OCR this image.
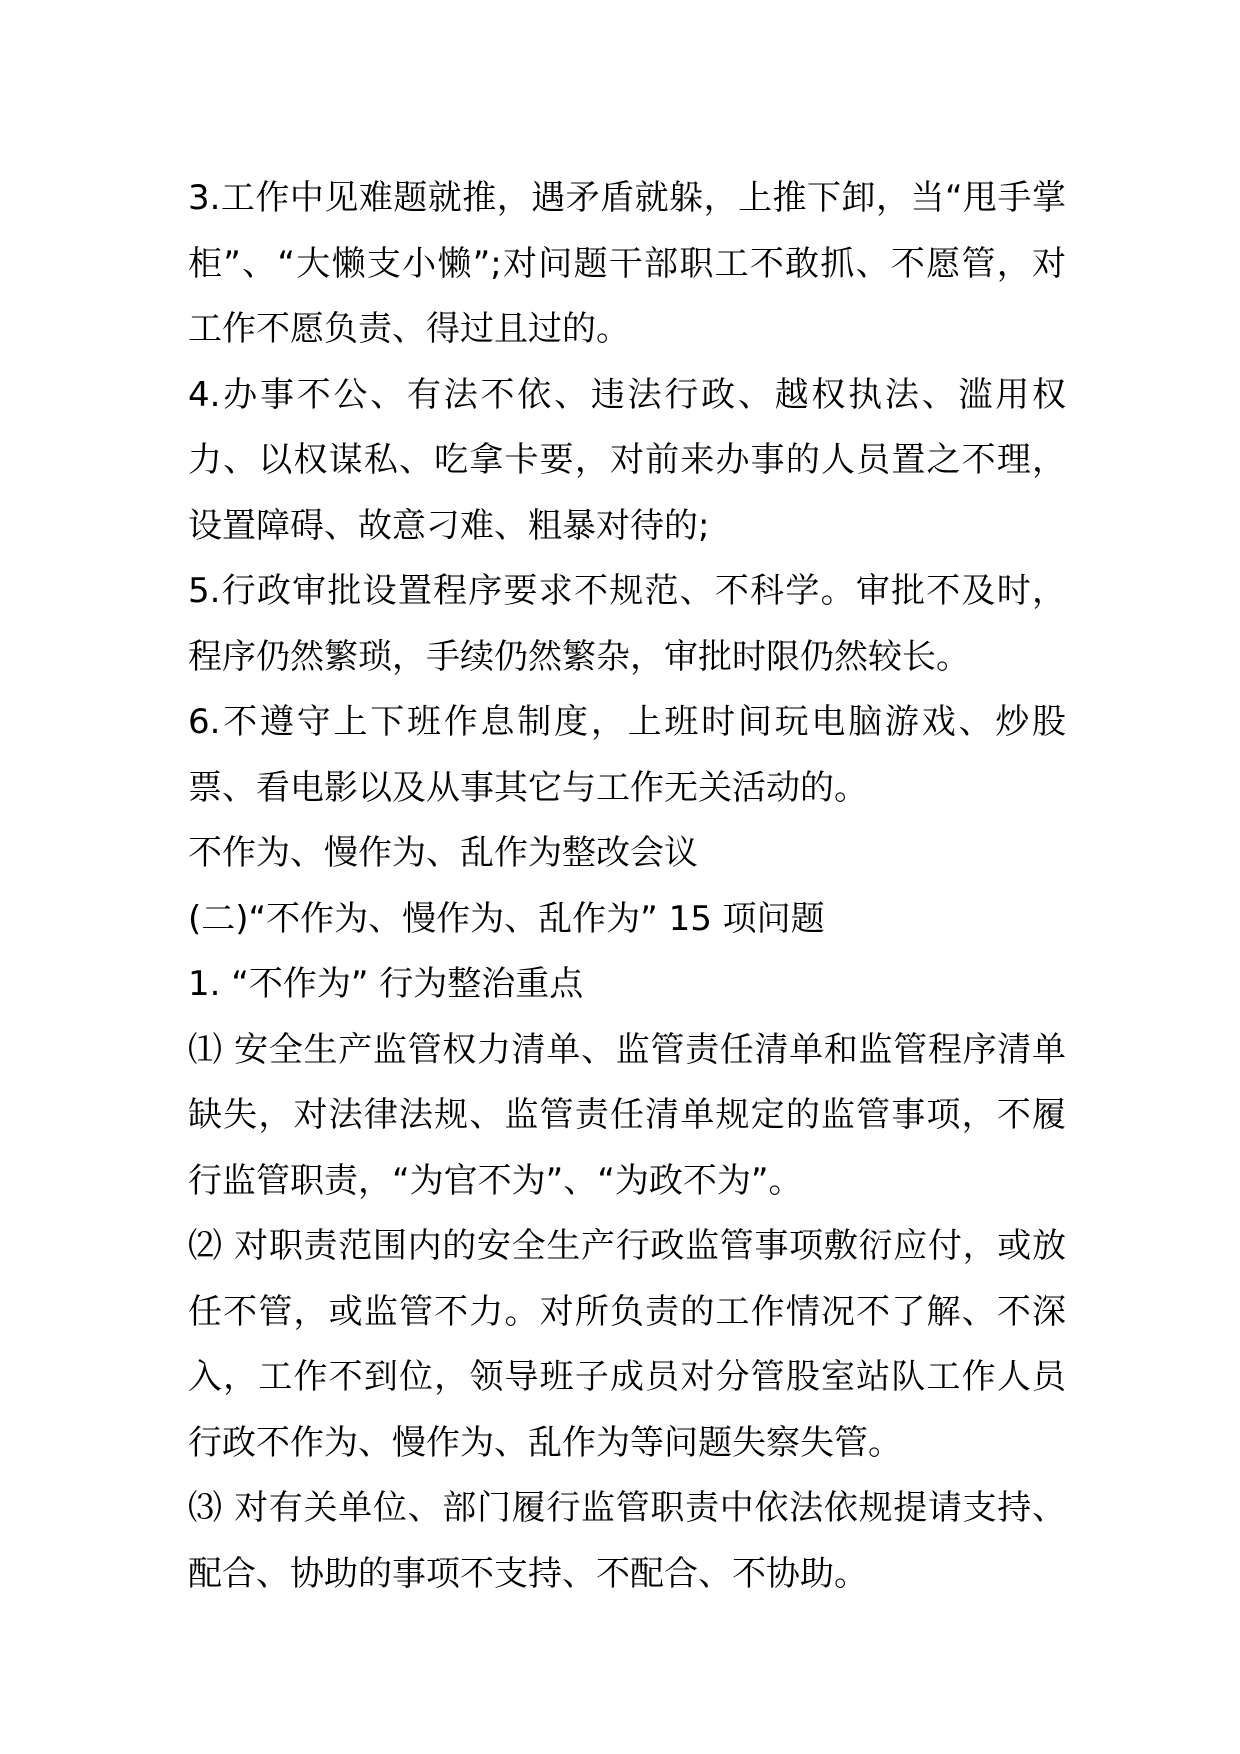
3.工作中见难题就推，遇矛盾就躲，上推下卸，当“甩手掌柜”、“大懒支小懒”;对问题干部职工不敢抓、不愿管，对工作不愿负责、得过且过的。

4.办事不公、有法不依、违法行政、越权执法、滥用权力、以权谋私、吃拿卡要，对前来办事的人员置之不理，设置障碍、故意刁难、粗暴对待的;

5.行政审批设置程序要求不规范、不科学。审批不及时，程序仍然繁琐，手续仍然繁杂，审批时限仍然较长。

6.不遵守上下班作息制度，上班时间玩电脑游戏、炒股票、看电影以及从事其它与工作无关活动的。

不作为、慢作为、乱作为整改会议

(二)“不作为、慢作为、乱作为” 15 项问题

1. “不作为” 行为整治重点

⑴ 安全生产监管权力清单、监管责任清单和监管程序清单缺失，对法律法规、监管责任清单规定的监管事项，不履行监管职责，“为官不为”、“为政不为”。

⑵ 对职责范围内的安全生产行政监管事项敷衍应付，或放任不管，或监管不力。对所负责的工作情况不了解、不深入，工作不到位，领导班子成员对分管股室站队工作人员行政不作为、慢作为、乱作为等问题失察失管。

⑶ 对有关单位、部门履行监管职责中依法依规提请支持、配合、协助的事项不支持、不配合、不协助。
